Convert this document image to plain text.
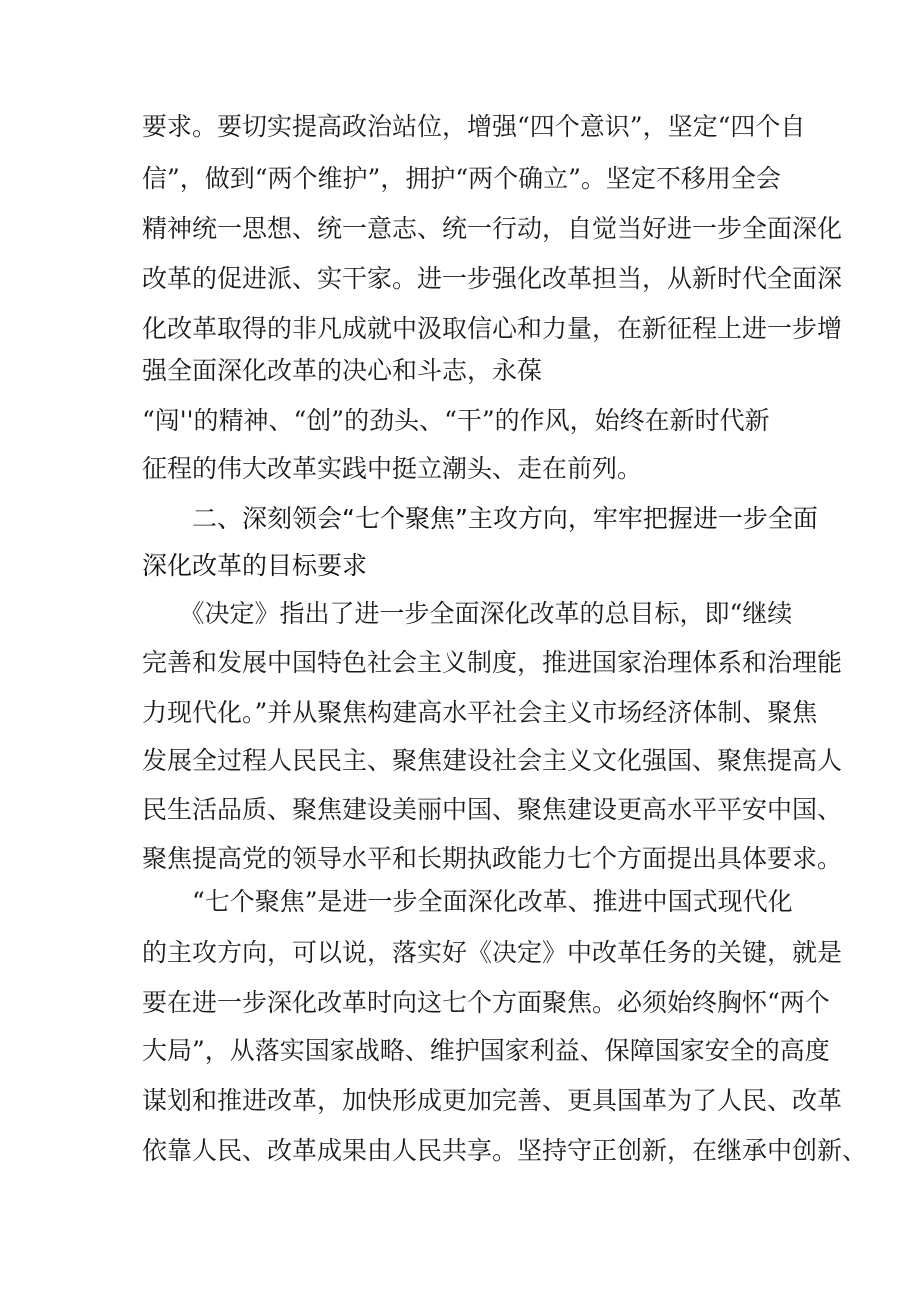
要求。要切实提高政治站位，增强“四个意识”，坚定“四个自
信”，做到“两个维护”，拥护“两个确立”。坚定不移用全会
精神统一思想、统一意志、统一行动，自觉当好进一步全面深化
改革的促进派、实干家。进一步强化改革担当，从新时代全面深
化改革取得的非凡成就中汲取信心和力量，在新征程上进一步增
强全面深化改革的决心和斗志，永葆
“闯''的精神、“创”的劲头、“干”的作风，始终在新时代新
征程的伟大改革实践中挺立潮头、走在前列。
　　二、深刻领会“七个聚焦”主攻方向，牢牢把握进一步全面
深化改革的目标要求
　　《决定》指出了进一步全面深化改革的总目标，即“继续
完善和发展中国特色社会主义制度，推进国家治理体系和治理能
力现代化。”并从聚焦构建高水平社会主义市场经济体制、聚焦
发展全过程人民民主、聚焦建设社会主义文化强国、聚焦提高人
民生活品质、聚焦建设美丽中国、聚焦建设更高水平平安中国、
聚焦提高党的领导水平和长期执政能力七个方面提出具体要求。
　　“七个聚焦”是进一步全面深化改革、推进中国式现代化
的主攻方向，可以说，落实好《决定》中改革任务的关键，就是
要在进一步深化改革时向这七个方面聚焦。必须始终胸怀“两个
大局”，从落实国家战略、维护国家利益、保障国家安全的高度
谋划和推进改革，加快形成更加完善、更具国革为了人民、改革
依靠人民、改革成果由人民共享。坚持守正创新，在继承中创新、
